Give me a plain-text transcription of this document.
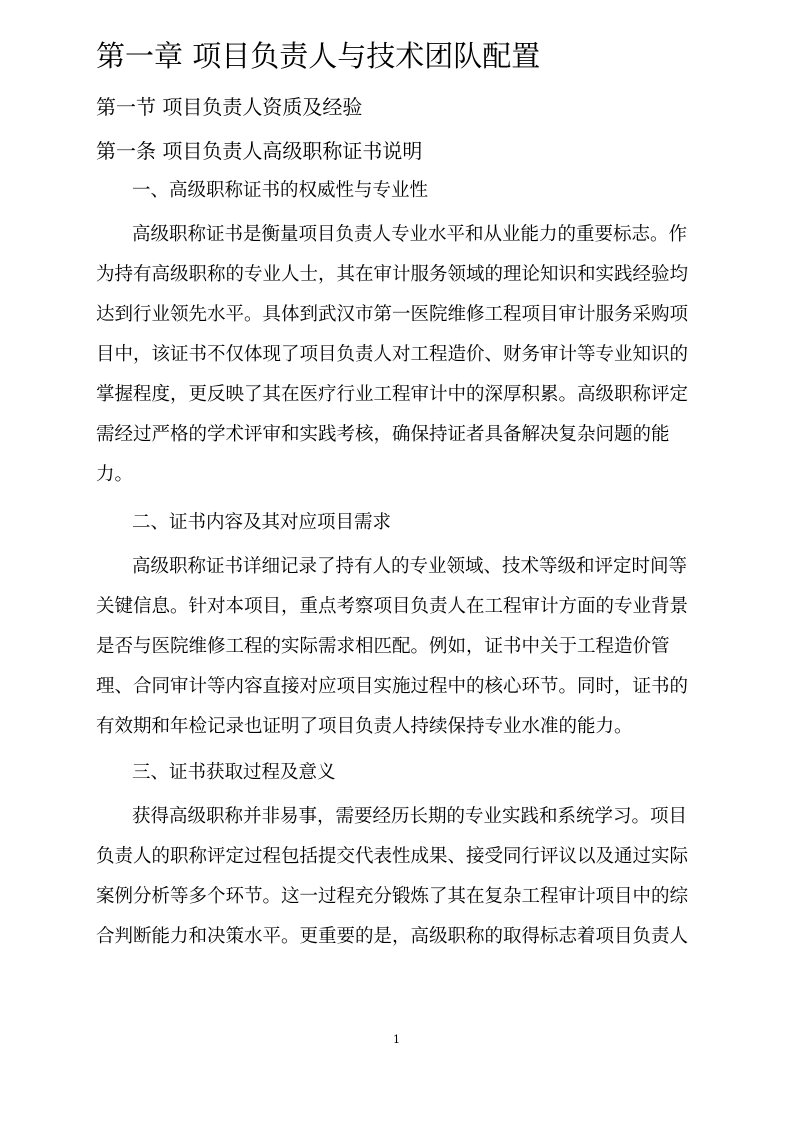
第一章 项目负责人与技术团队配置
第一节 项目负责人资质及经验
第一条 项目负责人高级职称证书说明

一、高级职称证书的权威性与专业性

高级职称证书是衡量项目负责人专业水平和从业能力的重要标志。作

为持有高级职称的专业人士，其在审计服务领域的理论知识和实践经验均

达到行业领先水平。具体到武汉市第一医院维修工程项目审计服务采购项

目中，该证书不仅体现了项目负责人对工程造价、财务审计等专业知识的

掌握程度，更反映了其在医疗行业工程审计中的深厚积累。高级职称评定

需经过严格的学术评审和实践考核，确保持证者具备解决复杂问题的能

力。

二、证书内容及其对应项目需求

高级职称证书详细记录了持有人的专业领域、技术等级和评定时间等

关键信息。针对本项目，重点考察项目负责人在工程审计方面的专业背景

是否与医院维修工程的实际需求相匹配。例如，证书中关于工程造价管

理、合同审计等内容直接对应项目实施过程中的核心环节。同时，证书的

有效期和年检记录也证明了项目负责人持续保持专业水准的能力。

三、证书获取过程及意义

获得高级职称并非易事，需要经历长期的专业实践和系统学习。项目

负责人的职称评定过程包括提交代表性成果、接受同行评议以及通过实际

案例分析等多个环节。这一过程充分锻炼了其在复杂工程审计项目中的综

合判断能力和决策水平。更重要的是，高级职称的取得标志着项目负责人

1
